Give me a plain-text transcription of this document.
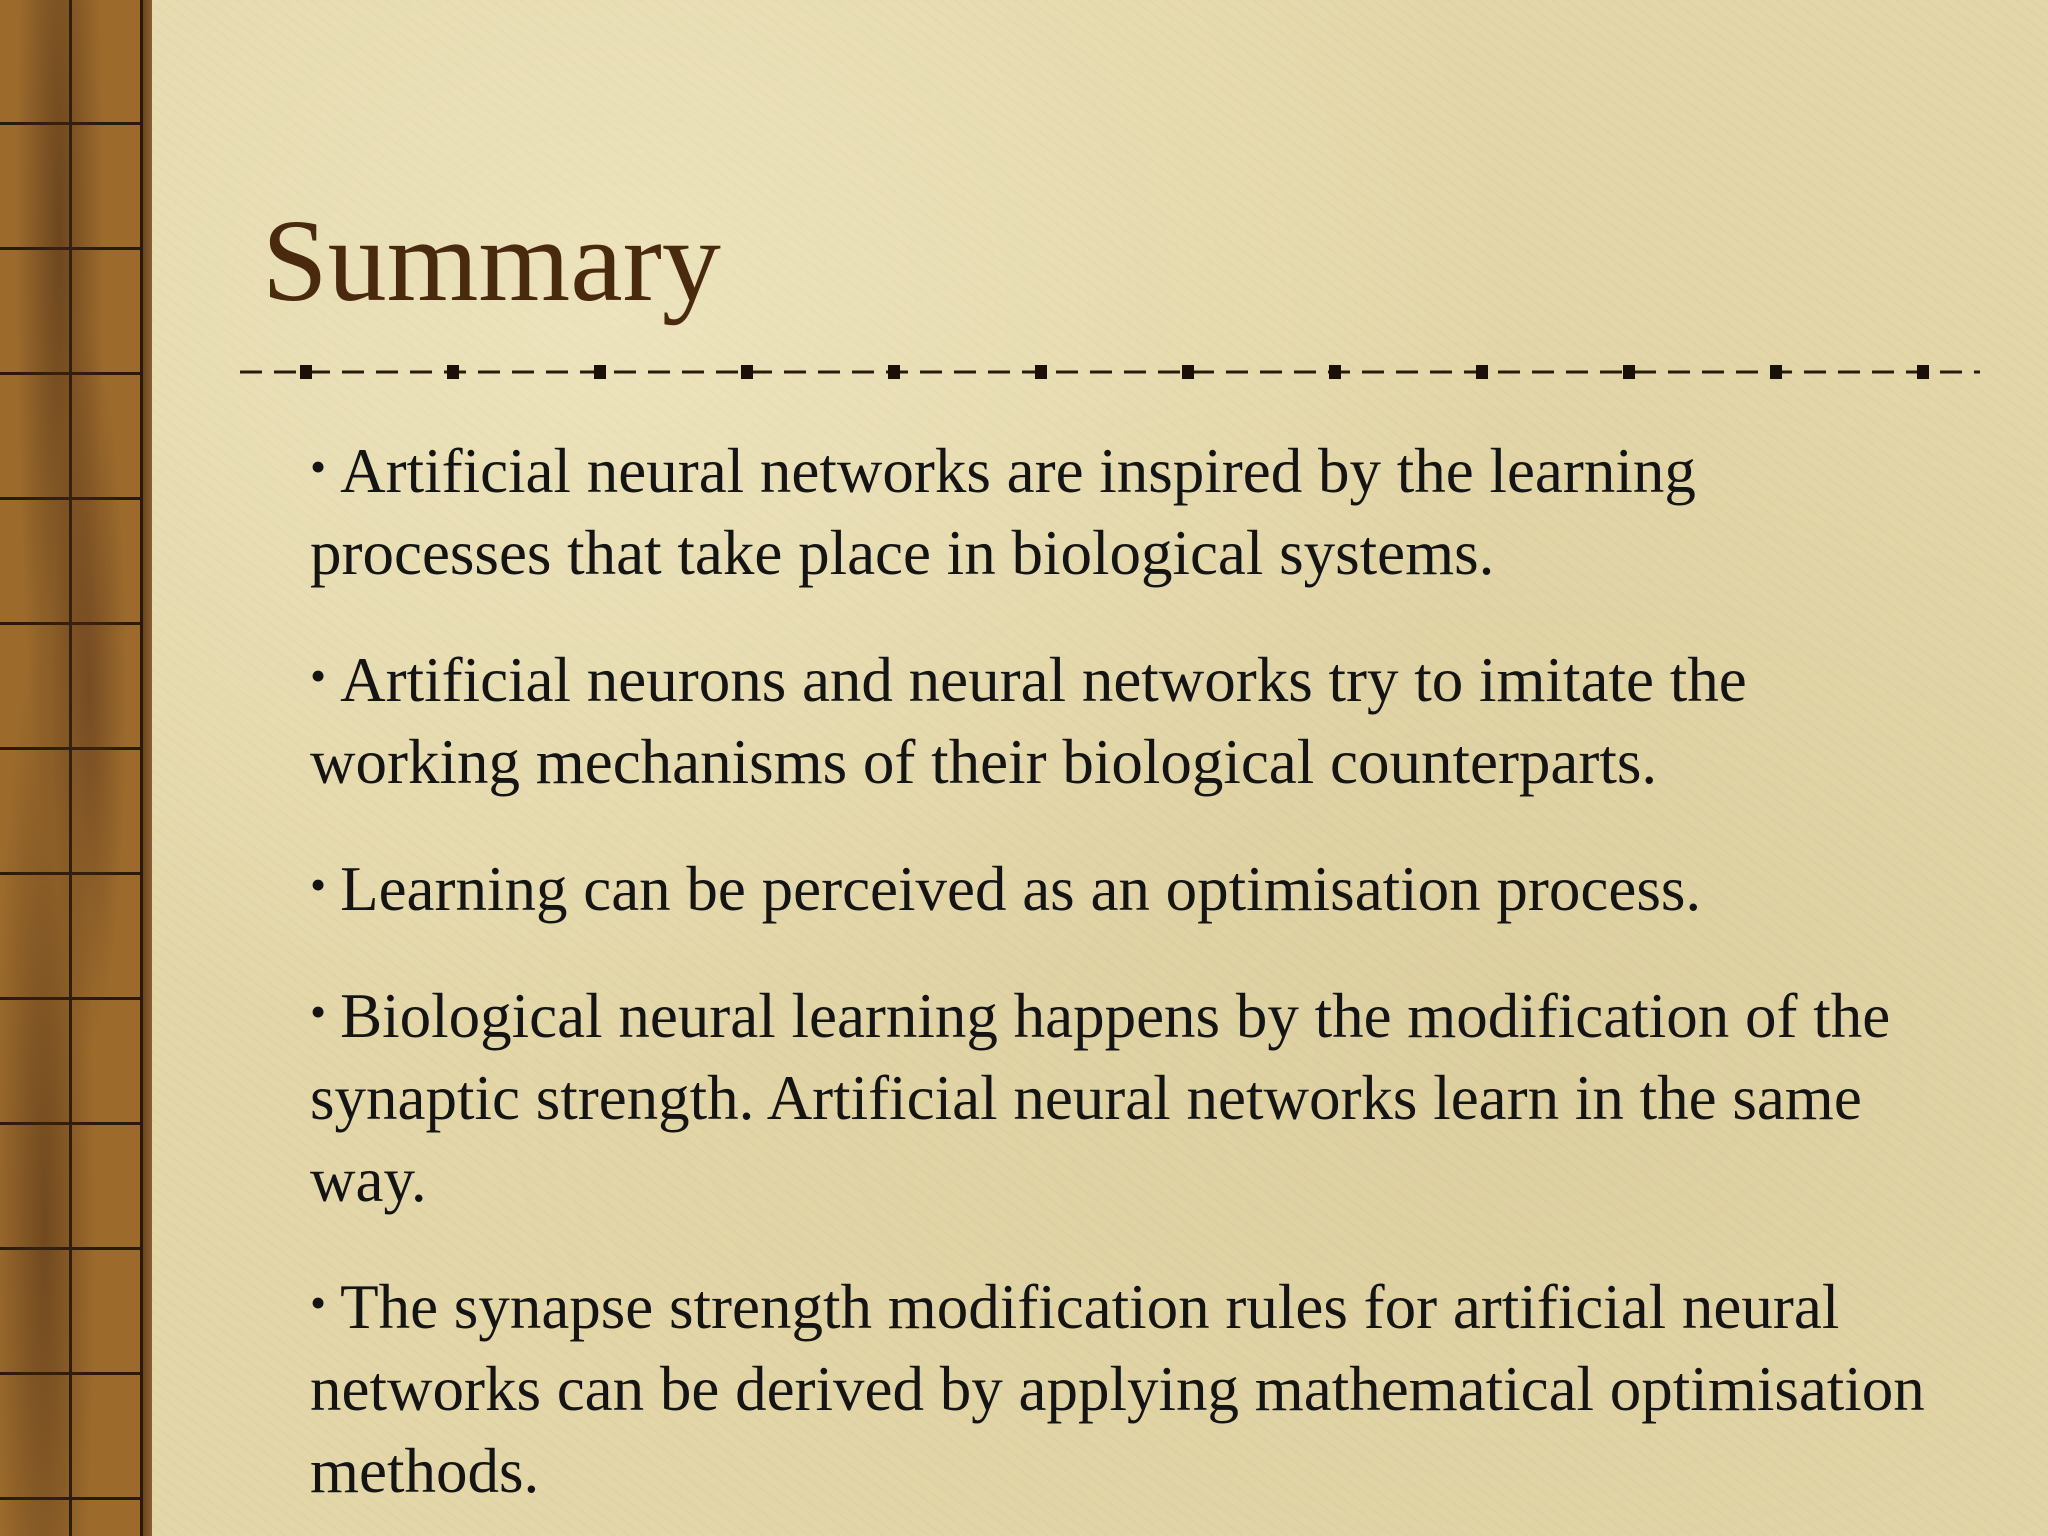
Summary
• Artificial neural networks are inspired by the learning processes that take place in biological systems.
• Artificial neurons and neural networks try to imitate the working mechanisms of their biological counterparts.
• Learning can be perceived as an optimisation process.
• Biological neural learning happens by the modification of the synaptic strength. Artificial neural networks learn in the same way.
• The synapse strength modification rules for artificial neural networks can be derived by applying mathematical optimisation methods.
